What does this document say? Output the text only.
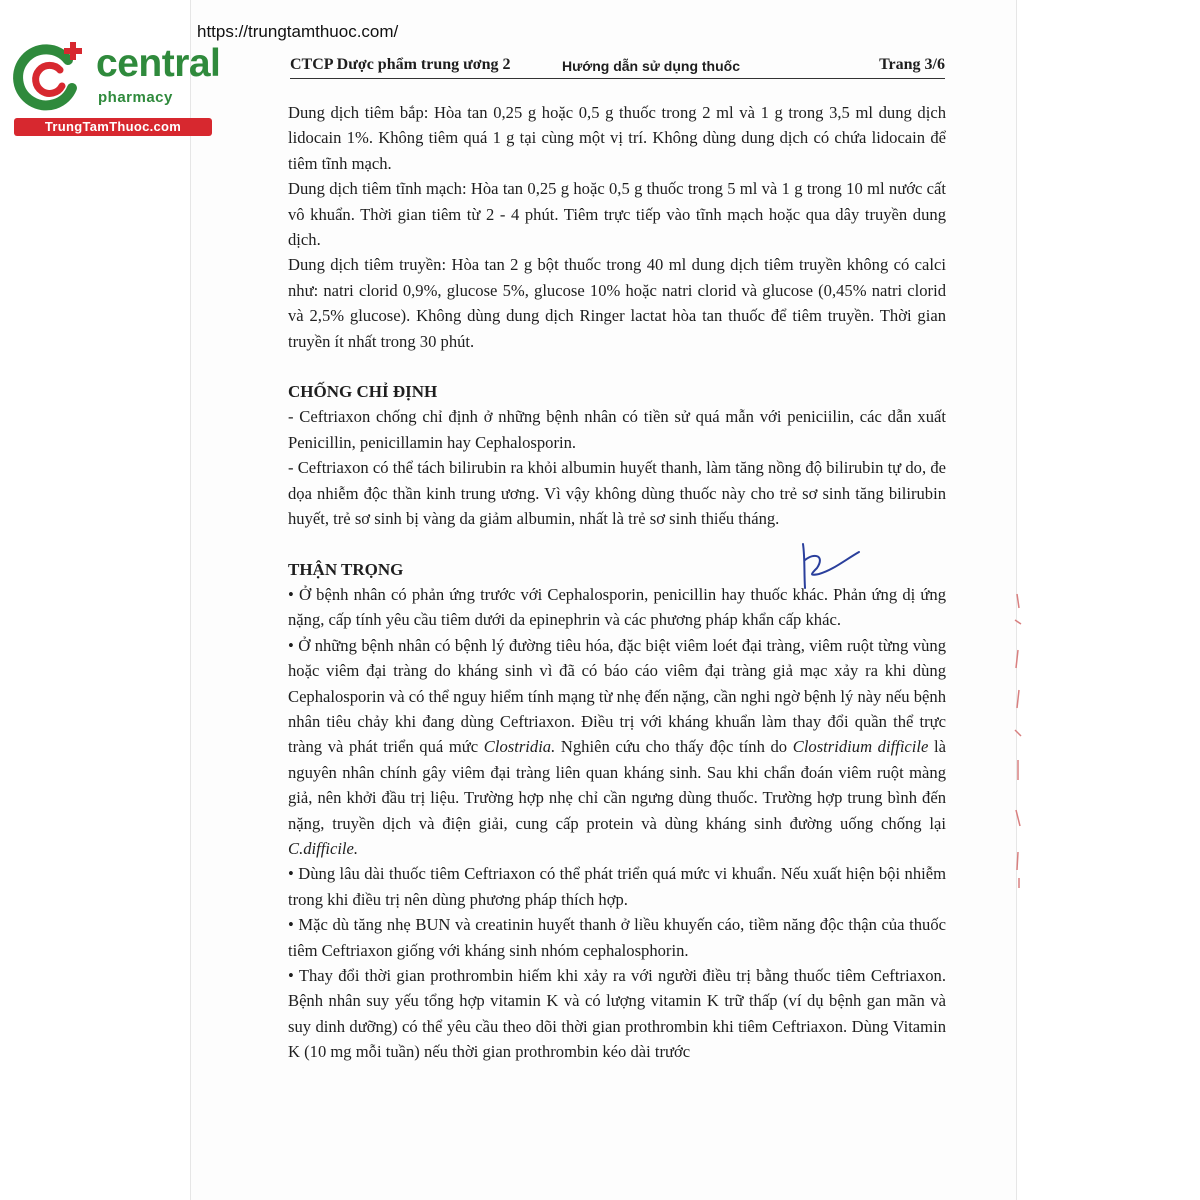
https://trungtamthuoc.com/
central
pharmacy
TrungTamThuoc.com
CTCP Dược phẩm trung ương 2	Hướng dẫn sử dụng thuốc	Trang 3/6

Dung dịch tiêm bắp: Hòa tan 0,25 g hoặc 0,5 g thuốc trong 2 ml và 1 g trong 3,5 ml dung dịch lidocain 1%. Không tiêm quá 1 g tại cùng một vị trí. Không dùng dung dịch có chứa lidocain để tiêm tĩnh mạch.

Dung dịch tiêm tĩnh mạch: Hòa tan 0,25 g hoặc 0,5 g thuốc trong 5 ml và 1 g trong 10 ml nước cất vô khuẩn. Thời gian tiêm từ 2 - 4 phút. Tiêm trực tiếp vào tĩnh mạch hoặc qua dây truyền dung dịch.

Dung dịch tiêm truyền: Hòa tan 2 g bột thuốc trong 40 ml dung dịch tiêm truyền không có calci như: natri clorid 0,9%, glucose 5%, glucose 10% hoặc natri clorid và glucose (0,45% natri clorid và 2,5% glucose). Không dùng dung dịch Ringer lactat hòa tan thuốc để tiêm truyền. Thời gian truyền ít nhất trong 30 phút.

CHỐNG CHỈ ĐỊNH

- Ceftriaxon chống chỉ định ở những bệnh nhân có tiền sử quá mẫn với peniciilin, các dẫn xuất Penicillin, penicillamin hay Cephalosporin.

- Ceftriaxon có thể tách bilirubin ra khỏi albumin huyết thanh, làm tăng nồng độ bilirubin tự do, đe dọa nhiễm độc thần kinh trung ương. Vì vậy không dùng thuốc này cho trẻ sơ sinh tăng bilirubin huyết, trẻ sơ sinh bị vàng da giảm albumin, nhất là trẻ sơ sinh thiếu tháng.

THẬN TRỌNG

• Ở bệnh nhân có phản ứng trước với Cephalosporin, penicillin hay thuốc khác. Phản ứng dị ứng nặng, cấp tính yêu cầu tiêm dưới da epinephrin và các phương pháp khẩn cấp khác.

• Ở những bệnh nhân có bệnh lý đường tiêu hóa, đặc biệt viêm loét đại tràng, viêm ruột từng vùng hoặc viêm đại tràng do kháng sinh vì đã có báo cáo viêm đại tràng giả mạc xảy ra khi dùng Cephalosporin và có thể nguy hiểm tính mạng từ nhẹ đến nặng, cần nghi ngờ bệnh lý này nếu bệnh nhân tiêu chảy khi đang dùng Ceftriaxon. Điều trị với kháng khuẩn làm thay đổi quần thể trực tràng và phát triển quá mức Clostridia. Nghiên cứu cho thấy độc tính do Clostridium difficile là nguyên nhân chính gây viêm đại tràng liên quan kháng sinh. Sau khi chẩn đoán viêm ruột màng giả, nên khởi đầu trị liệu. Trường hợp nhẹ chỉ cần ngưng dùng thuốc. Trường hợp trung bình đến nặng, truyền dịch và điện giải, cung cấp protein và dùng kháng sinh đường uống chống lại C.difficile.

• Dùng lâu dài thuốc tiêm Ceftriaxon có thể phát triển quá mức vi khuẩn. Nếu xuất hiện bội nhiễm trong khi điều trị nên dùng phương pháp thích hợp.

• Mặc dù tăng nhẹ BUN và creatinin huyết thanh ở liều khuyến cáo, tiềm năng độc thận của thuốc tiêm Ceftriaxon giống với kháng sinh nhóm cephalosphorin.

• Thay đổi thời gian prothrombin hiếm khi xảy ra với người điều trị bằng thuốc tiêm Ceftriaxon. Bệnh nhân suy yếu tổng hợp vitamin K và có lượng vitamin K trữ thấp (ví dụ bệnh gan mãn và suy dinh dưỡng) có thể yêu cầu theo dõi thời gian prothrombin khi tiêm Ceftriaxon. Dùng Vitamin K (10 mg mỗi tuần) nếu thời gian prothrombin kéo dài trước
